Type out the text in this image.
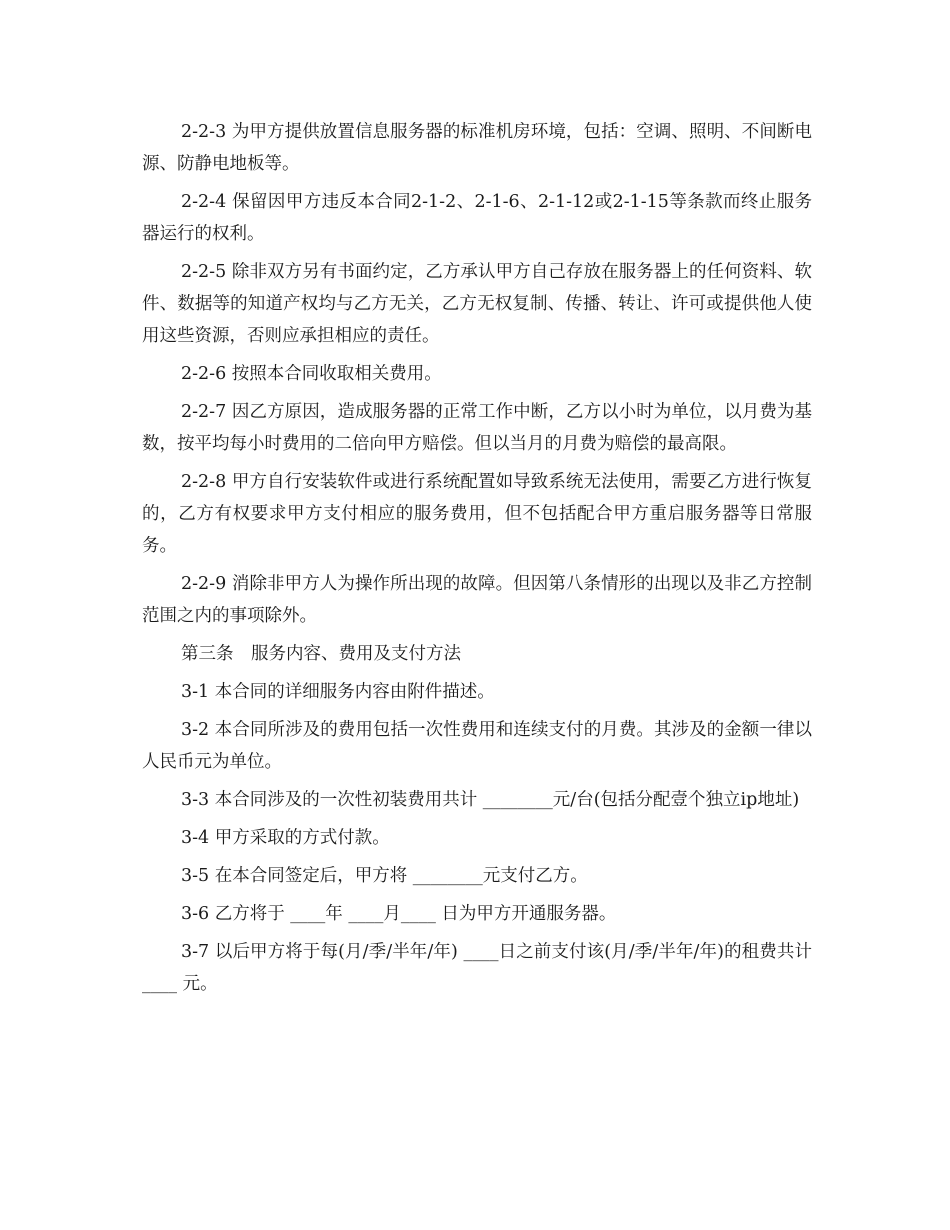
2-2-3 为甲方提供放置信息服务器的标准机房环境，包括：空调、照明、不间断电源、防静电地板等。

2-2-4 保留因甲方违反本合同2-1-2、2-1-6、2-1-12或2-1-15等条款而终止服务器运行的权利。

2-2-5 除非双方另有书面约定，乙方承认甲方自己存放在服务器上的任何资料、软件、数据等的知道产权均与乙方无关，乙方无权复制、传播、转让、许可或提供他人使用这些资源，否则应承担相应的责任。

2-2-6 按照本合同收取相关费用。

2-2-7 因乙方原因，造成服务器的正常工作中断，乙方以小时为单位，以月费为基数，按平均每小时费用的二倍向甲方赔偿。但以当月的月费为赔偿的最高限。

2-2-8 甲方自行安装软件或进行系统配置如导致系统无法使用，需要乙方进行恢复的，乙方有权要求甲方支付相应的服务费用，但不包括配合甲方重启服务器等日常服务。

2-2-9 消除非甲方人为操作所出现的故障。但因第八条情形的出现以及非乙方控制范围之内的事项除外。

第三条　服务内容、费用及支付方法

3-1 本合同的详细服务内容由附件描述。

3-2 本合同所涉及的费用包括一次性费用和连续支付的月费。其涉及的金额一律以人民币元为单位。

3-3 本合同涉及的一次性初装费用共计 ________元/台(包括分配壹个独立ip地址)

3-4 甲方采取的方式付款。

3-5 在本合同签定后，甲方将 ________元支付乙方。

3-6 乙方将于 ____年 ____月____ 日为甲方开通服务器。

3-7 以后甲方将于每(月/季/半年/年) ____日之前支付该(月/季/半年/年)的租费共计____ 元。
